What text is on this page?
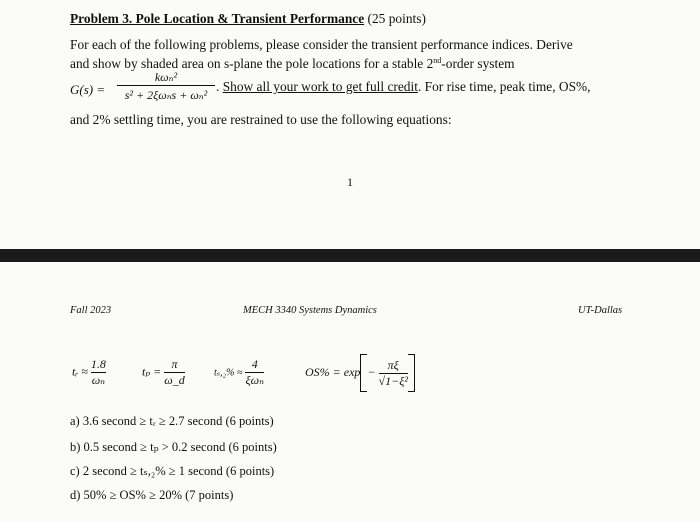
Problem 3. Pole Location & Transient Performance (25 points)
For each of the following problems, please consider the transient performance indices. Derive
and show by shaded area on s-plane the pole locations for a stable 2nd-order system
G(s) =
kωₙ²
s² + 2ξωₙs + ωₙ²
. Show all your work to get full credit. For rise time, peak time, OS%,
and 2% settling time, you are restrained to use the following equations:
1
Fall 2023	MECH 3340 Systems Dynamics	UT-Dallas
tᵣ ≈ $\frac{1.8}{\text{ωₙ}}$	$t_p = \frac{\pi}{\omega\_d}$	$t_s,_2\% \approx \frac{4}{\text{ξωₙ}}$	$OS\% = \exp - \frac{\pi\xi}{\text{√1−ξ²}}$
a) 3.6 second ≥ tᵣ ≥ 2.7 second (6 points)
b) 0.5 second ≥ tₚ > 0.2 second (6 points)
c) 2 second ≥ tₛ,₂% ≥ 1 second (6 points)
d) 50% ≥ OS% ≥ 20% (7 points)
